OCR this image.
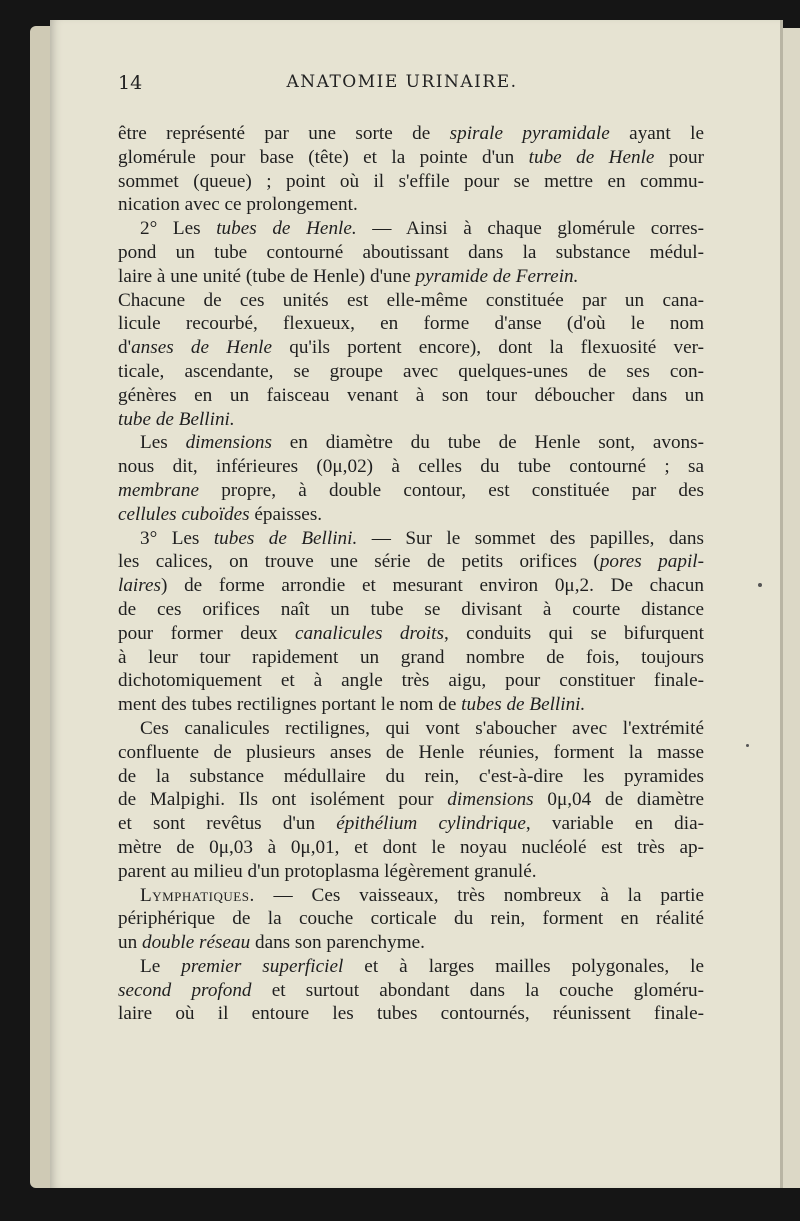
14	ANATOMIE URINAIRE.
être représenté par une sorte de spirale pyramidale ayant le
glomérule pour base (tête) et la pointe d'un tube de Henle pour
sommet (queue) ; point où il s'effile pour se mettre en commu-
nication avec ce prolongement.
2° Les tubes de Henle. — Ainsi à chaque glomérule corres-
pond un tube contourné aboutissant dans la substance médul-
laire à une unité (tube de Henle) d'une pyramide de Ferrein.
Chacune de ces unités est elle-même constituée par un cana-
licule recourbé, flexueux, en forme d'anse (d'où le nom
d'anses de Henle qu'ils portent encore), dont la flexuosité ver-
ticale, ascendante, se groupe avec quelques-unes de ses con-
génères en un faisceau venant à son tour déboucher dans un
tube de Bellini.
Les dimensions en diamètre du tube de Henle sont, avons-
nous dit, inférieures (0μ,02) à celles du tube contourné ; sa
membrane propre, à double contour, est constituée par des
cellules cuboïdes épaisses.
3° Les tubes de Bellini. — Sur le sommet des papilles, dans
les calices, on trouve une série de petits orifices (pores papil-
laires) de forme arrondie et mesurant environ 0μ,2. De chacun
de ces orifices naît un tube se divisant à courte distance
pour former deux canalicules droits, conduits qui se bifurquent
à leur tour rapidement un grand nombre de fois, toujours
dichotomiquement et à angle très aigu, pour constituer finale-
ment des tubes rectilignes portant le nom de tubes de Bellini.
Ces canalicules rectilignes, qui vont s'aboucher avec l'extrémité
confluente de plusieurs anses de Henle réunies, forment la masse
de la substance médullaire du rein, c'est-à-dire les pyramides
de Malpighi. Ils ont isolément pour dimensions 0μ,04 de diamètre
et sont revêtus d'un épithélium cylindrique, variable en dia-
mètre de 0μ,03 à 0μ,01, et dont le noyau nucléolé est très ap-
parent au milieu d'un protoplasma légèrement granulé.
Lymphatiques. — Ces vaisseaux, très nombreux à la partie
périphérique de la couche corticale du rein, forment en réalité
un double réseau dans son parenchyme.
Le premier superficiel et à larges mailles polygonales, le
second profond et surtout abondant dans la couche gloméru-
laire où il entoure les tubes contournés, réunissent finale-
